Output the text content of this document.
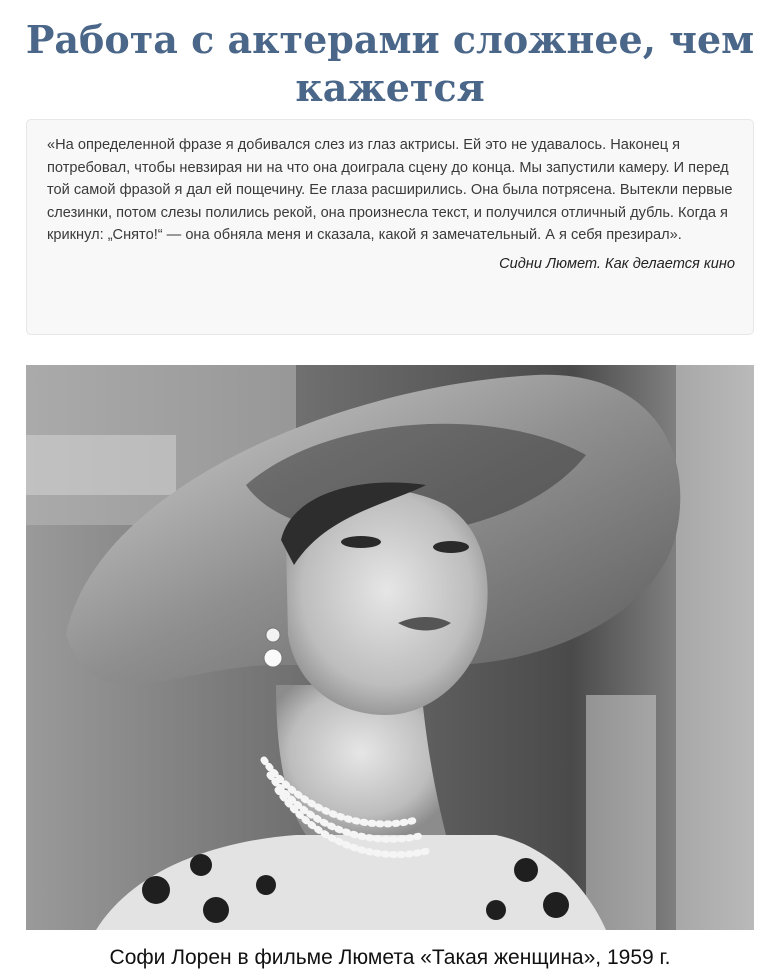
Работа с актерами сложнее, чем кажется

«На определенной фразе я добивался слез из глаз актрисы. Ей это не удавалось. Наконец я потребовал, чтобы невзирая ни на что она доиграла сцену до конца. Мы запустили камеру. И перед той самой фразой я дал ей пощечину. Ее глаза расширились. Она была потрясена. Вытекли первые слезинки, потом слезы полились рекой, она произнесла текст, и получился отличный дубль. Когда я крикнул: „Снято!“ — она обняла меня и сказала, какой я замечательный. А я себя презирал».

Сидни Люмет. Как делается кино

Софи Лорен в фильме Люмета «Такая женщина», 1959 г.
